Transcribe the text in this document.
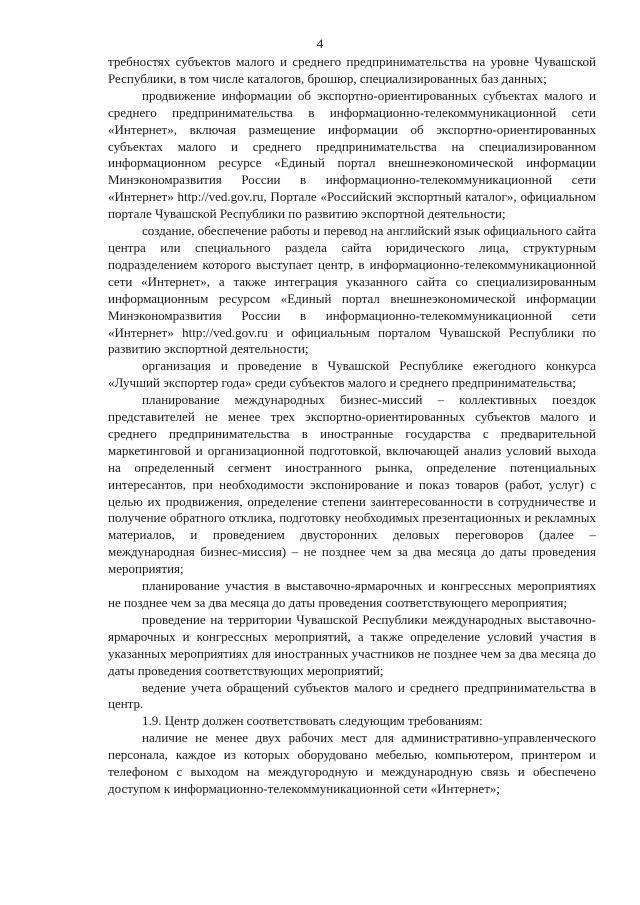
4

требностях субъектов малого и среднего предпринимательства на уровне Чувашской Республики, в том числе каталогов, брошюр, специализированных баз данных;

продвижение информации об экспортно-ориентированных субъектах малого и среднего предпринимательства в информационно-телекоммуникационной сети «Интернет», включая размещение информации об экспортно-ориентированных субъектах малого и среднего предпринимательства на специализированном информационном ресурсе «Единый портал внешнеэкономической информации Минэкономразвития России в информационно-телекоммуникационной сети «Интернет» http://ved.gov.ru, Портале «Российский экспортный каталог», официальном портале Чувашской Республики по развитию экспортной деятельности;

создание, обеспечение работы и перевод на английский язык официального сайта центра или специального раздела сайта юридического лица, структурным подразделением которого выступает центр, в информационно-телекоммуникационной сети «Интернет», а также интеграция указанного сайта со специализированным информационным ресурсом «Единый портал внешнеэкономической информации Минэкономразвития России в информационно-телекоммуникационной сети «Интернет» http://ved.gov.ru и официальным порталом Чувашской Республики по развитию экспортной деятельности;

организация и проведение в Чувашской Республике ежегодного конкурса «Лучший экспортер года» среди субъектов малого и среднего предпринимательства;

планирование международных бизнес-миссий – коллективных поездок представителей не менее трех экспортно-ориентированных субъектов малого и среднего предпринимательства в иностранные государства с предварительной маркетинговой и организационной подготовкой, включающей анализ условий выхода на определенный сегмент иностранного рынка, определение потенциальных интересантов, при необходимости экспонирование и показ товаров (работ, услуг) с целью их продвижения, определение степени заинтересованности в сотрудничестве и получение обратного отклика, подготовку необходимых презентационных и рекламных материалов, и проведением двусторонних деловых переговоров (далее – международная бизнес-миссия) – не позднее чем за два месяца до даты проведения мероприятия;

планирование участия в выставочно-ярмарочных и конгрессных мероприятиях не позднее чем за два месяца до даты проведения соответствующего мероприятия;

проведение на территории Чувашской Республики международных выставочно-ярмарочных и конгрессных мероприятий, а также определение условий участия в указанных мероприятиях для иностранных участников не позднее чем за два месяца до даты проведения соответствующих мероприятий;

ведение учета обращений субъектов малого и среднего предпринимательства в центр.

1.9. Центр должен соответствовать следующим требованиям:

наличие не менее двух рабочих мест для административно-управленческого персонала, каждое из которых оборудовано мебелью, компьютером, принтером и телефоном с выходом на междугородную и международную связь и обеспечено доступом к информационно-телекоммуникационной сети «Интернет»;
